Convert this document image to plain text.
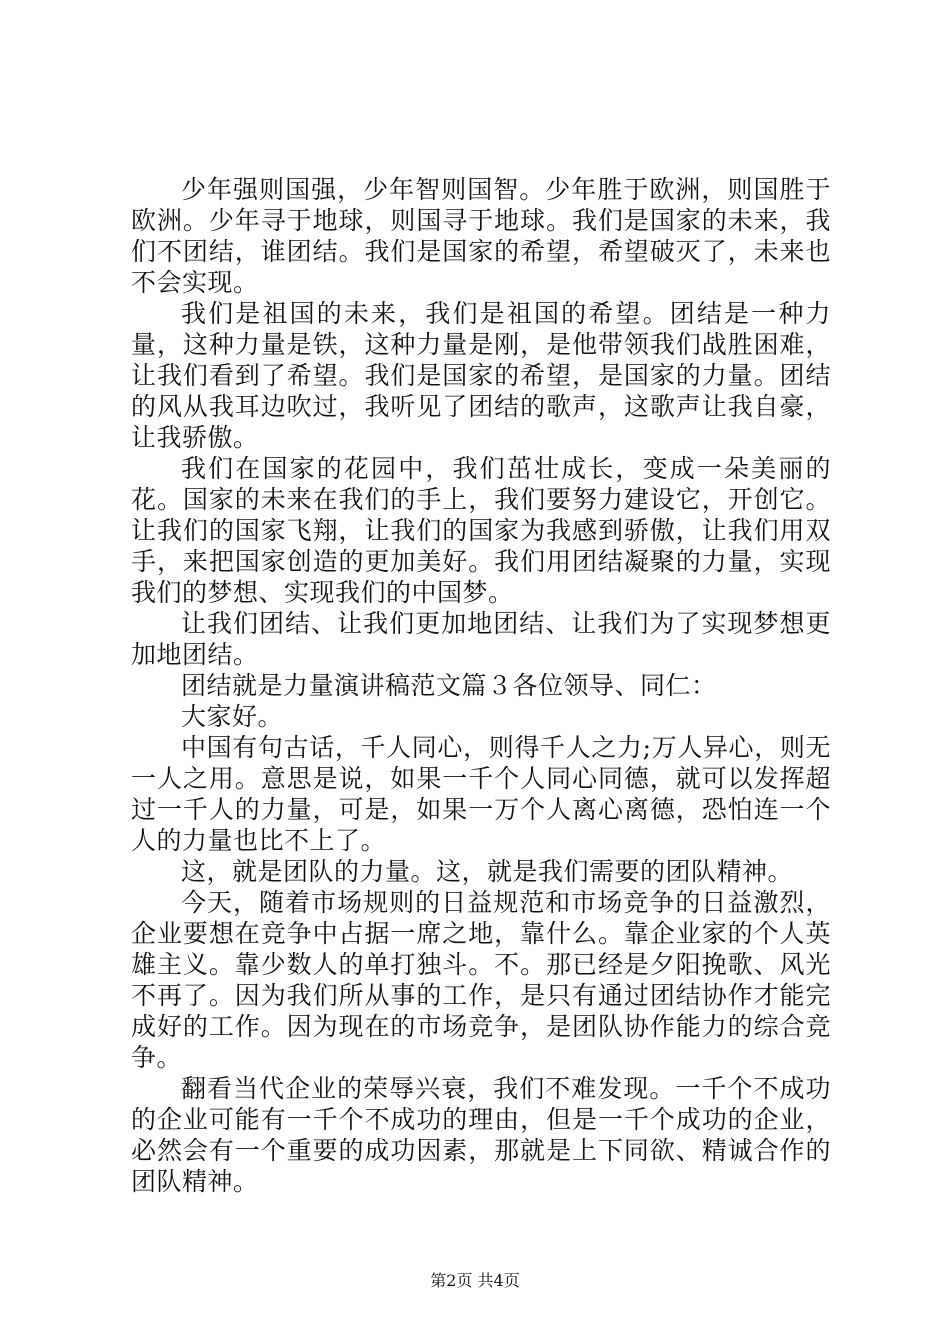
少年强则国强，少年智则国智。少年胜于欧洲，则国胜于欧洲。少年寻于地球，则国寻于地球。我们是国家的未来，我们不团结，谁团结。我们是国家的希望，希望破灭了，未来也不会实现。

我们是祖国的未来，我们是祖国的希望。团结是一种力量，这种力量是铁，这种力量是刚，是他带领我们战胜困难，让我们看到了希望。我们是国家的希望，是国家的力量。团结的风从我耳边吹过，我听见了团结的歌声，这歌声让我自豪，让我骄傲。

我们在国家的花园中，我们茁壮成长，变成一朵美丽的花。国家的未来在我们的手上，我们要努力建设它，开创它。让我们的国家飞翔，让我们的国家为我感到骄傲，让我们用双手，来把国家创造的更加美好。我们用团结凝聚的力量，实现我们的梦想、实现我们的中国梦。

让我们团结、让我们更加地团结、让我们为了实现梦想更加地团结。

团结就是力量演讲稿范文篇３各位领导、同仁：

大家好。

中国有句古话，千人同心，则得千人之力;万人异心，则无一人之用。意思是说，如果一千个人同心同德，就可以发挥超过一千人的力量，可是，如果一万个人离心离德，恐怕连一个人的力量也比不上了。

这，就是团队的力量。这，就是我们需要的团队精神。

今天，随着市场规则的日益规范和市场竞争的日益激烈，企业要想在竞争中占据一席之地，靠什么。靠企业家的个人英雄主义。靠少数人的单打独斗。不。那已经是夕阳挽歌、风光不再了。因为我们所从事的工作，是只有通过团结协作才能完成好的工作。因为现在的市场竞争，是团队协作能力的综合竞争。

翻看当代企业的荣辱兴衰，我们不难发现。一千个不成功的企业可能有一千个不成功的理由，但是一千个成功的企业，必然会有一个重要的成功因素，那就是上下同欲、精诚合作的团队精神。

第2页 共4页
